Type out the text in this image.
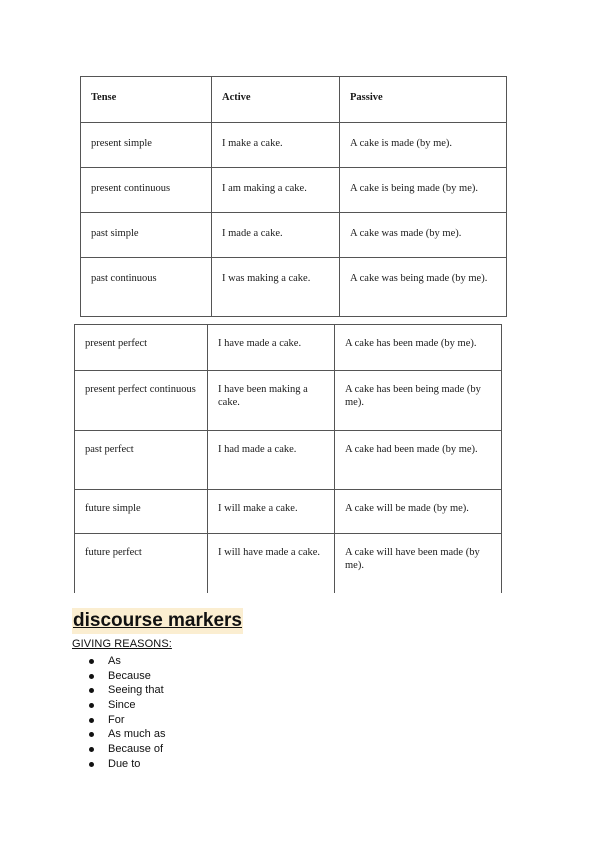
Tense	Active	Passive
present simple	I make a cake.	A cake is made (by me).
present continuous	I am making a cake.	A cake is being made (by me).
past simple	I made a cake.	A cake was made (by me).
past continuous	I was making a cake.	A cake was being made (by me).
present perfect	I have made a cake.	A cake has been made (by me).
present perfect continuous	I have been making a cake.	A cake has been being made (by me).
past perfect	I had made a cake.	A cake had been made (by me).
future simple	I will make a cake.	A cake will be made (by me).
future perfect	I will have made a cake.	A cake will have been made (by me).
discourse markers
GIVING REASONS:
As
Because
Seeing that
Since
For
As much as
Because of
Due to
